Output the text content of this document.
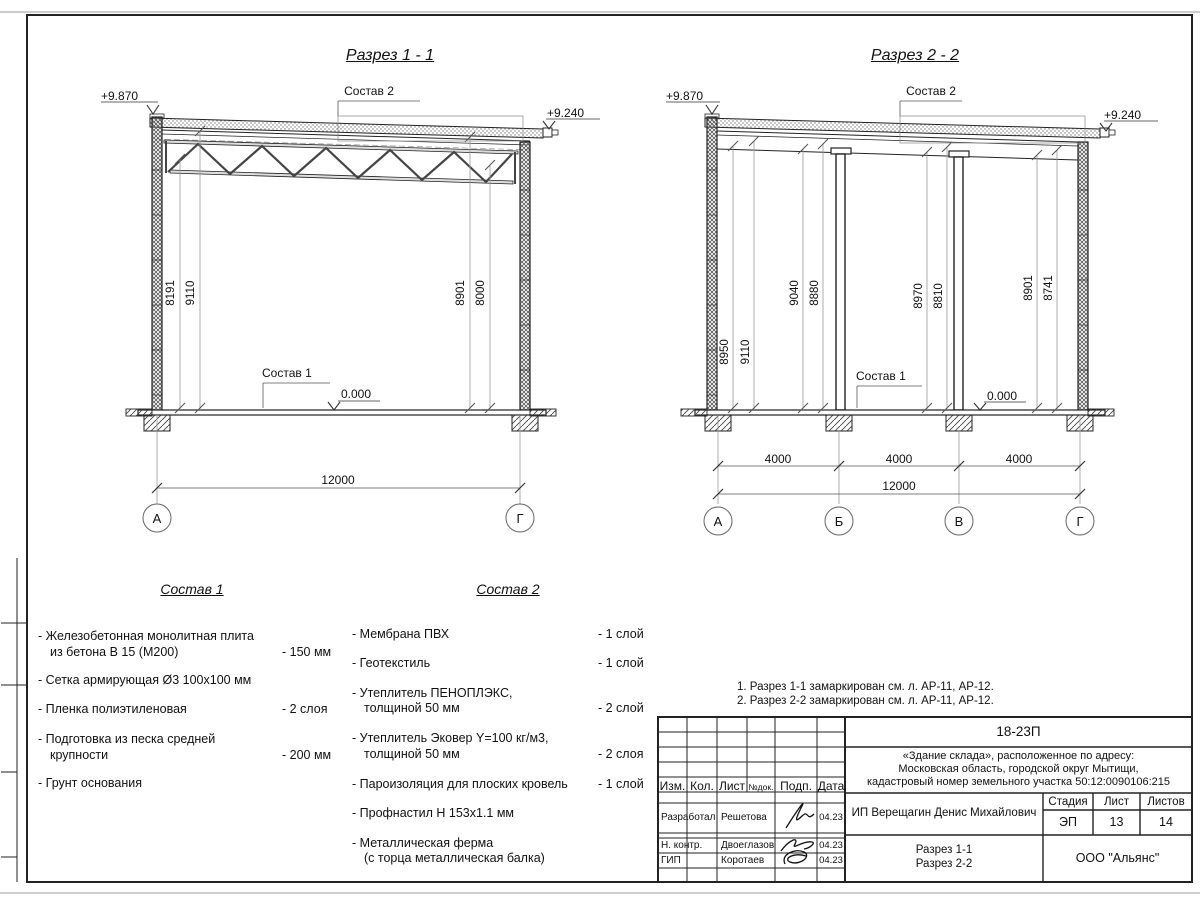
Разрез 1 - 1
+9.870	Состав 2
+9.240
8191 9110	8901 8000
Состав 1
0.000
12000
А	Г
Разрез 2 - 2
+9.870	Состав 2
+9.240
8950 9110
9040 8880	8970 8810	8901 8741
Состав 1
0.000
4000	4000	4000
12000
А	Б	В	Г
Состав 1
- Железобетонная монолитная плита
из бетона В 15 (М200)	- 150 мм
- Сетка армирующая Ø3 100х100 мм
- Пленка полиэтиленовая	- 2 слоя
- Подготовка из песка средней
крупности	- 200 мм
- Грунт основания
Состав 2
- Мембрана ПВХ	- 1 слой
- Геотекстиль	- 1 слой
- Утеплитель ПЕНОПЛЭКС,
толщиной 50 мм	- 2 слой
- Утеплитель Эковер Y=100 кг/м3,
толщиной 50 мм	- 2 слоя
- Пароизоляция для плоских кровель - 1 слой
- Профнастил Н 153х1.1 мм
- Металлическая ферма
(с торца металлическая балка)
1. Разрез 1-1 замаркирован см. л. АР-11, АР-12.
2. Разрез 2-2 замаркирован см. л. АР-11, АР-12.
Изм. Кол. Лист №док. Подп. Дата
Разработал Решетова	04.23
Н. контр. Двоеглазов	04.23
ГИП	Коротаев	04.23
18-23П
«Здание склада», расположенное по адресу:
Московская область, городской округ Мытищи,
кадастровый номер земельного участка 50:12:0090106:215
ИП Верещагин Денис Михайлович
Стадия	Лист	Листов
ЭП	13	14
Разрез 1-1
Разрез 2-2	ООО "Альянс"
